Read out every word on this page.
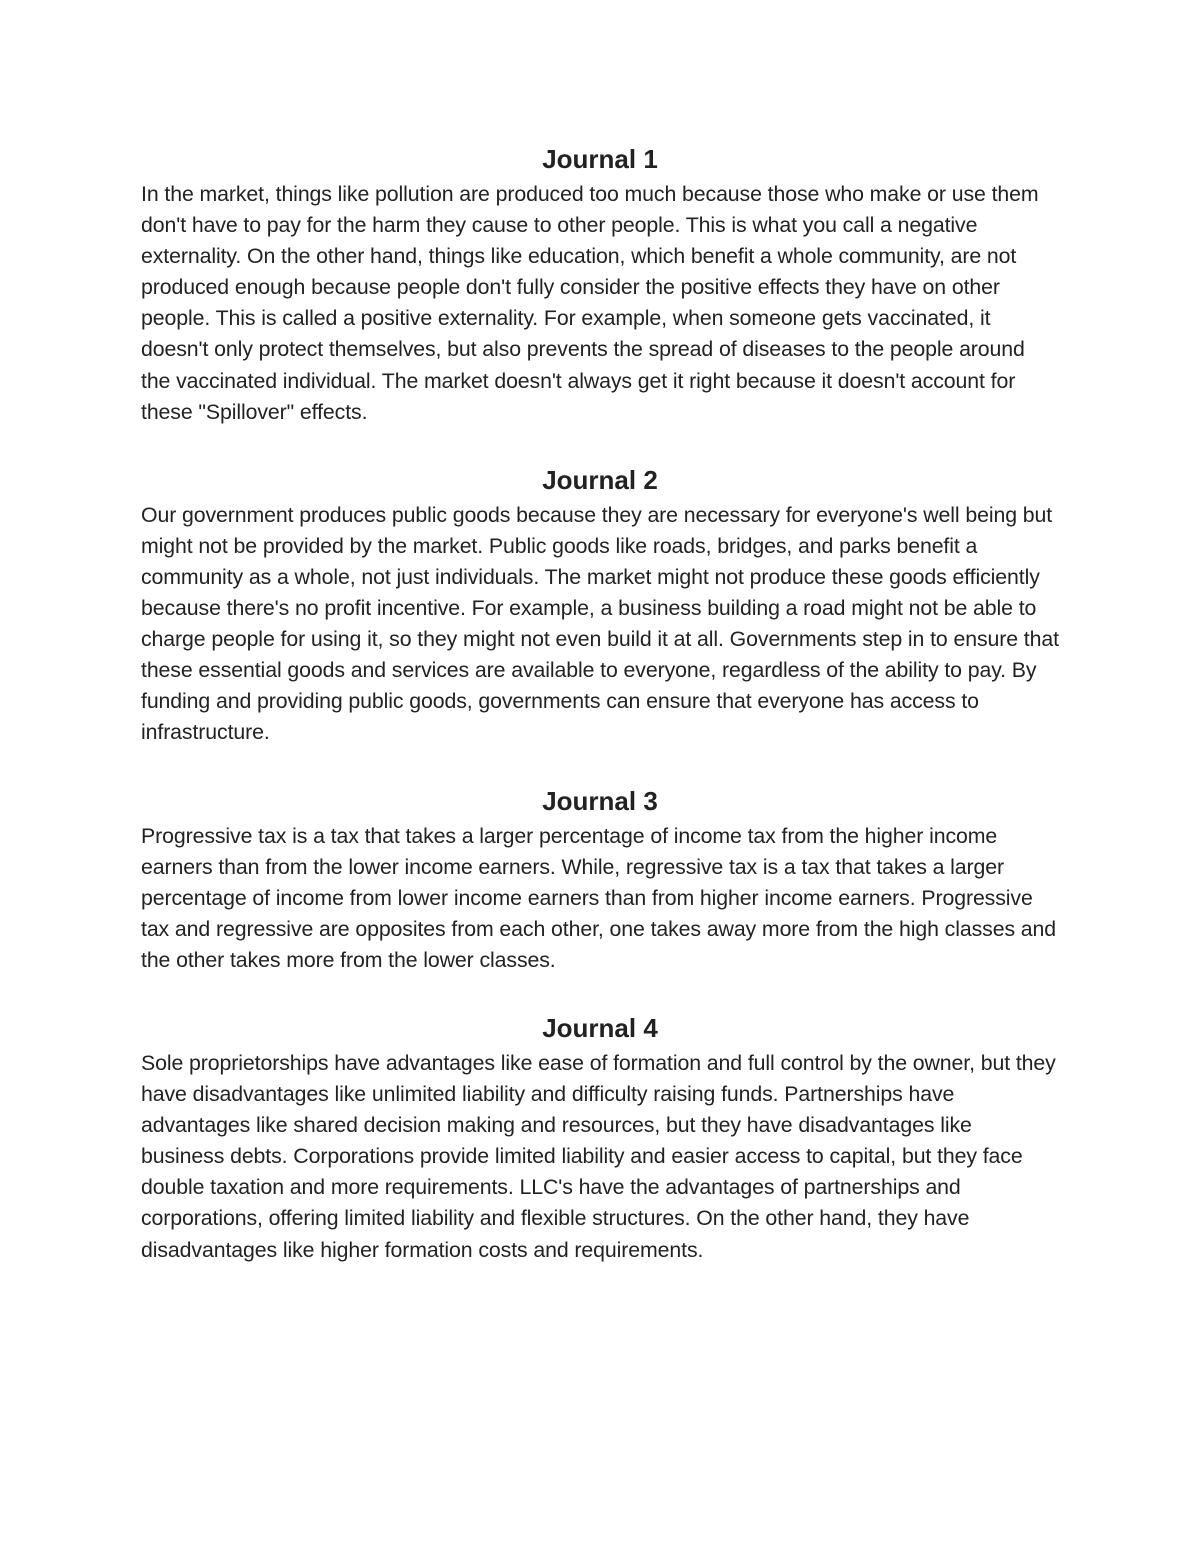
Journal 1

In the market, things like pollution are produced too much because those who make or use them don't have to pay for the harm they cause to other people. This is what you call a negative externality. On the other hand, things like education, which benefit a whole community, are not produced enough because people don't fully consider the positive effects they have on other people. This is called a positive externality. For example, when someone gets vaccinated, it doesn't only protect themselves, but also prevents the spread of diseases to the people around the vaccinated individual. The market doesn't always get it right because it doesn't account for these "Spillover" effects.

Journal 2

Our government produces public goods because they are necessary for everyone's well being but might not be provided by the market. Public goods like roads, bridges, and parks benefit a community as a whole, not just individuals. The market might not produce these goods efficiently because there's no profit incentive. For example, a business building a road might not be able to charge people for using it, so they might not even build it at all. Governments step in to ensure that these essential goods and services are available to everyone, regardless of the ability to pay. By funding and providing public goods, governments can ensure that everyone has access to infrastructure.

Journal 3

Progressive tax is a tax that takes a larger percentage of income tax from the higher income earners than from the lower income earners. While, regressive tax is a tax that takes a larger percentage of income from lower income earners than from higher income earners. Progressive tax and regressive are opposites from each other, one takes away more from the high classes and the other takes more from the lower classes.

Journal 4

Sole proprietorships have advantages like ease of formation and full control by the owner, but they have disadvantages like unlimited liability and difficulty raising funds. Partnerships have advantages like shared decision making and resources, but they have disadvantages like business debts. Corporations provide limited liability and easier access to capital, but they face double taxation and more requirements. LLC's have the advantages of partnerships and corporations, offering limited liability and flexible structures. On the other hand, they have disadvantages like higher formation costs and requirements.
